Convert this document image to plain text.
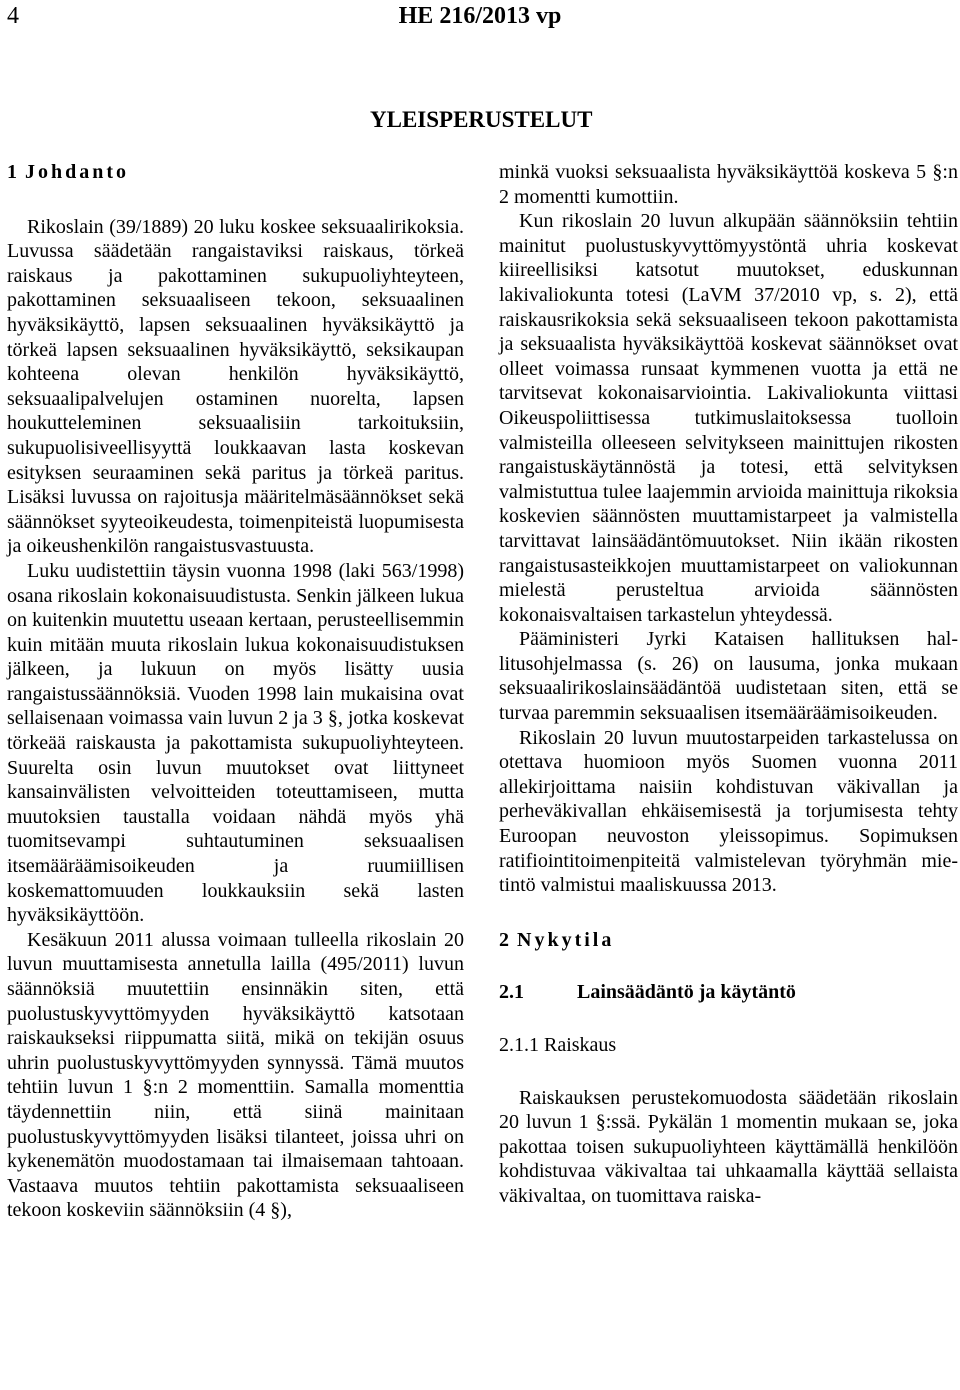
4	HE 216/2013 vp
YLEISPERUSTELUT
1 Johdanto

Rikoslain (39/1889) 20 luku koskee seksuaalirikoksia. Luvussa säädetään rangaistaviksi raiskaus, törkeä raiskaus ja pakottaminen sukupuoliyhteyteen, pakottaminen seksuaaliseen tekoon, seksuaalinen hyväksikäyttö, lapsen seksuaalinen hyväksikäyttö ja törkeä lapsen seksuaalinen hyväksikäyttö, seksikaupan kohteena olevan henkilön hyväksikäyttö, seksuaalipalvelujen ostaminen nuorelta, lapsen houkutteleminen seksuaalisiin tarkoituksiin, sukupuolisiveellisyyttä loukkaavan lasta koskevan esityksen seuraaminen sekä paritus ja törkeä paritus. Lisäksi luvussa on rajoitusja määritelmäsäännökset sekä säännökset syyteoikeudesta, toimenpiteistä luopumisesta ja oikeushenkilön rangaistusvastuusta.

Luku uudistettiin täysin vuonna 1998 (laki 563/1998) osana rikoslain kokonaisuudistusta. Senkin jälkeen lukua on kuitenkin muutettu useaan kertaan, perusteellisemmin kuin mitään muuta rikoslain lukua kokonaisuudistuksen jälkeen, ja lukuun on myös lisätty uusia rangaistussäännöksiä. Vuoden 1998 lain mukaisina ovat sellaisenaan voimassa vain luvun 2 ja 3 §, jotka koskevat törkeää raiskausta ja pakottamista sukupuoliyhteyteen. Suurelta osin luvun muutokset ovat liittyneet kansainvälisten velvoitteiden toteuttamiseen, mutta muutoksien taustalla voidaan nähdä myös yhä tuomitsevampi suhtautuminen seksuaalisen itsemääräämisoikeuden ja ruumiillisen koskemattomuuden loukkauksiin sekä lasten hyväksikäyttöön.

Kesäkuun 2011 alussa voimaan tulleella rikoslain 20 luvun muuttamisesta annetulla lailla (495/2011) luvun säännöksiä muutettiin ensinnäkin siten, että puolustuskyvyttömyyden hyväksikäyttö katsotaan raiskaukseksi riippumatta siitä, mikä on tekijän osuus uhrin puolustuskyvyttömyyden synnyssä. Tämä muutos tehtiin luvun 1 §:n 2 momenttiin. Samalla momenttia täydennettiin niin, että siinä mainitaan puolustuskyvyttömyyden lisäksi tilanteet, joissa uhri on kykenemätön muodostamaan tai ilmaisemaan tahtoaan. Vastaava muutos tehtiin pakottamista seksuaaliseen tekoon koskeviin säännöksiin (4 §),

minkä vuoksi seksuaalista hyväksikäyttöä koskeva 5 §:n 2 momentti kumottiin.

Kun rikoslain 20 luvun alkupään säännöksiin tehtiin mainitut puolustuskyvyttömyystöntä uhria koskevat kiireellisiksi katsotut muutokset, eduskunnan lakivaliokunta totesi (LaVM 37/2010 vp, s. 2), että raiskausrikoksia sekä seksuaaliseen tekoon pakottamista ja seksuaalista hyväksikäyttöä koskevat säännökset ovat olleet voimassa runsaat kymmenen vuotta ja että ne tarvitsevat kokonaisarviointia. Lakivaliokunta viittasi Oikeuspoliittisessa tutkimuslaitoksessa tuolloin valmisteilla olleeseen selvitykseen mainittujen rikosten rangaistuskäytännöstä ja totesi, että selvityksen valmistuttua tulee laajemmin arvioida mainittuja rikoksia koskevien säännösten muuttamistarpeet ja valmistella tarvittavat lainsäädäntömuutokset. Niin ikään rikosten rangaistusasteikkojen muuttamistarpeet on valiokunnan mielestä perusteltua arvioida säännösten kokonaisvaltaisen tarkastelun yhteydessä.

Pääministeri Jyrki Kataisen hallituksen hallitusohjelmassa (s. 26) on lausuma, jonka mukaan seksuaalirikoslainsäädäntöä uudistetaan siten, että se turvaa paremmin seksuaalisen itsemääräämisoikeuden.

Rikoslain 20 luvun muutostarpeiden tarkastelussa on otettava huomioon myös Suomen vuonna 2011 allekirjoittama naisiin kohdistuvan väkivallan ja perheväkivallan ehkäisemisestä ja torjumisesta tehty Euroopan neuvoston yleissopimus. Sopimuksen ratifiointitoimenpiteitä valmistelevan työryhmän mietintö valmistui maaliskuussa 2013.

2 Nykytila
2.1	Lainsäädäntö ja käytäntö
2.1.1 Raiskaus

Raiskauksen perustekomuodosta säädetään rikoslain 20 luvun 1 §:ssä. Pykälän 1 momentin mukaan se, joka pakottaa toisen sukupuoliyhteen käyttämällä henkilöön kohdistuvaa väkivaltaa tai uhkaamalla käyttää sellaista väkivaltaa, on tuomittava raiska-
